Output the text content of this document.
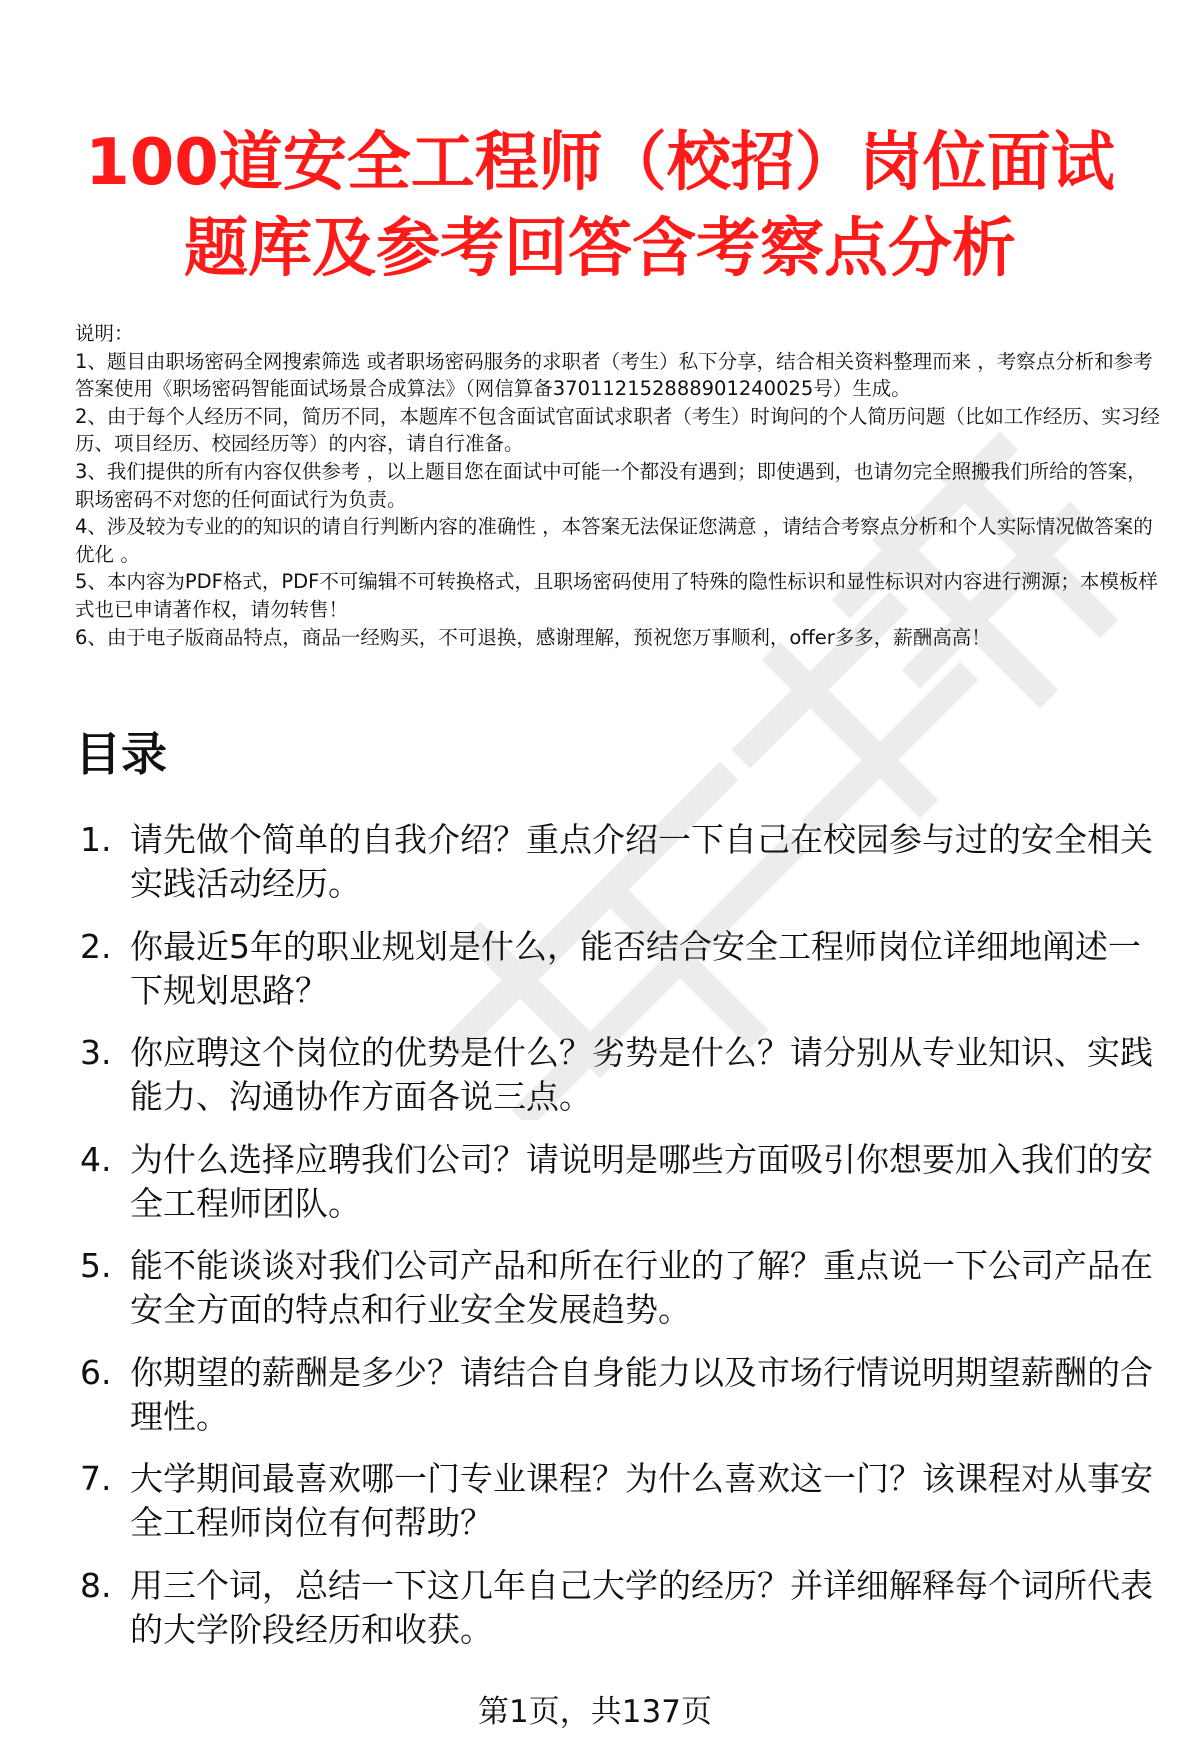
100道安全工程师（校招）岗位面试
题库及参考回答含考察点分析
说明：
1、题目由职场密码全网搜索筛选 或者职场密码服务的求职者（考生）私下分享，结合相关资料整理而来 ，考察点分析和参考答案使用《职场密码智能面试场景合成算法》（网信算备370112152888901240025号）生成。
2、由于每个人经历不同，简历不同，本题库不包含面试官面试求职者（考生）时询问的个人简历问题（比如工作经历、实习经历、项目经历、校园经历等）的内容，请自行准备。
3、我们提供的所有内容仅供参考 ，以上题目您在面试中可能一个都没有遇到；即使遇到，也请勿完全照搬我们所给的答案，职场密码不对您的任何面试行为负责。
4、涉及较为专业的的知识的请自行判断内容的准确性 ，本答案无法保证您满意 ，请结合考察点分析和个人实际情况做答案的优化 。
5、本内容为PDF格式，PDF不可编辑不可转换格式，且职场密码使用了特殊的隐性标识和显性标识对内容进行溯源；本模板样式也已申请著作权，请勿转售！
6、由于电子版商品特点，商品一经购买，不可退换，感谢理解，预祝您万事顺利，offer多多，薪酬高高！
目录
1. 请先做个简单的自我介绍？重点介绍一下自己在校园参与过的安全相关实践活动经历。
2. 你最近5年的职业规划是什么，能否结合安全工程师岗位详细地阐述一下规划思路？
3. 你应聘这个岗位的优势是什么？劣势是什么？请分别从专业知识、实践能力、沟通协作方面各说三点。
4. 为什么选择应聘我们公司？请说明是哪些方面吸引你想要加入我们的安全工程师团队。
5. 能不能谈谈对我们公司产品和所在行业的了解？重点说一下公司产品在安全方面的特点和行业安全发展趋势。
6. 你期望的薪酬是多少？请结合自身能力以及市场行情说明期望薪酬的合理性。
7. 大学期间最喜欢哪一门专业课程？为什么喜欢这一门？该课程对从事安全工程师岗位有何帮助？
8. 用三个词，总结一下这几年自己大学的经历？并详细解释每个词所代表的大学阶段经历和收获。
第1页，共137页
